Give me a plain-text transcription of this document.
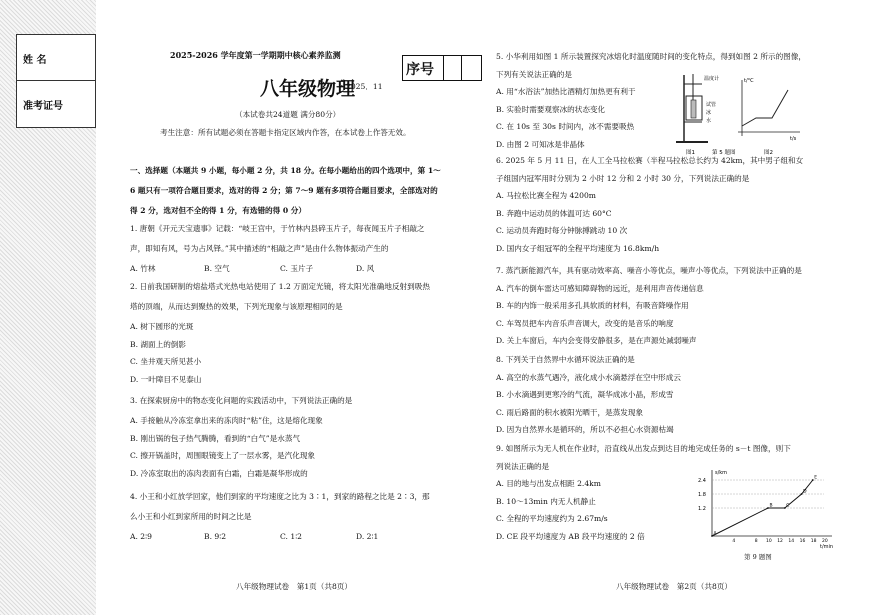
姓 名
准考证号
2025-2026 学年度第一学期期中核心素养监测
八年级物理
2025．11
序号
（本试卷共24道题 满分80分）
考生注意：所有试题必须在答题卡指定区域内作答，在本试卷上作答无效。
一、选择题（本题共 9 小题，每小题 2 分，共 18 分。在每小题给出的四个选项中，第 1～
6 题只有一项符合题目要求，选对的得 2 分；第 7～9 题有多项符合题目要求，全部选对的
得 2 分，选对但不全的得 1 分，有选错的得 0 分）
1. 唐朝《开元天宝遗事》记载：“岐王宫中，于竹林内县碎玉片子，每夜闻玉片子相敲之
声，即知有风，号为占风铎。”其中描述的“相敲之声”是由什么物体振动产生的
A. 竹林	B. 空气	C. 玉片子	D. 风
2. 日前我国研制的熔盐塔式光热电站使用了 1.2 万面定光镜，将太阳光准确地反射到吸热
塔的顶端，从而达到聚热的效果，下列光现象与该原理相同的是
A. 树下圆形的光斑
B. 湖面上的倒影
C. 坐井观天所见甚小
D. 一叶障目不见泰山
3. 在探索厨房中的物态变化问题的实践活动中，下列说法正确的是
A. 手接触从冷冻室拿出来的冻肉时“粘”住，这是熔化现象
B. 刚出锅的包子热气腾腾，看到的“白气”是水蒸气
C. 擦开锅盖时，周围眼镜变上了一层水雾，是汽化现象
D. 冷冻室取出的冻肉表面有白霜，白霜是凝华形成的
4. 小王和小红放学回家，他们到家的平均速度之比为 3∶1，到家的路程之比是 2∶3，那
么小王和小红到家所用的时间之比是
A. 2∶9	B. 9∶2	C. 1∶2	D. 2∶1
5. 小华利用如图 1 所示装置探究冰熔化时温度随时间的变化特点，得到如图 2 所示的图像，
下列有关说法正确的是
A. 用“水浴法”加热比酒精灯加热更有利于
B. 实验时需要观察冰的状态变化
C. 在 10s 至 30s 时间内，冰不需要吸热
D. 由图 2 可知冰是非晶体
6. 2025 年 5 月 11 日，在人工全马拉松赛（半程马拉松总长约为 42km，其中男子组和女
子组国内冠军用时分别为 2 小时 12 分和 2 小时 30 分，下列说法正确的是
A. 马拉松比赛全程为 4200m
B. 奔跑中运动员的体温可达 60°C
C. 运动员奔跑时每分钟脉搏跳动 10 次
D. 国内女子组冠军的全程平均速度为 16.8km/h
7. 蒸汽新能源汽车，具有驱动效率高、噪音小等优点，噪声小等优点，下列说法中正确的是
A. 汽车的倒车雷达可感知障碍物的远近，是利用声音传递信息
B. 车的内饰一般采用多孔具软质的材料，有吸音降噪作用
C. 车驾员把车内音乐声音调大，改变的是音乐的响度
D. 关上车窗后，车内会变得安静很多，是在声源处减弱噪声
8. 下列关于自然界中水循环说法正确的是
A. 高空的水蒸气遇冷，液化成小水滴悬浮在空中形成云
B. 小水滴遇到更寒冷的气流，凝华成冰小晶，形成雪
C. 雨后路面的积水被阳光晒干，是蒸发现象
D. 因为自然界水是循环的，所以不必担心水资源枯竭
9. 如图所示为无人机在作业时，沿直线从出发点到达目的地完成任务的 s－t 图像，则下
列说法正确的是
A. 目的地与出发点相距 2.4km
B. 10～13min 内无人机静止
C. 全程的平均速度约为 2.67m/s
D. CE 段平均速度为 AB 段平均速度的 2 倍
温度计
试管
冰
水
图1
t/°C
t/s
图2
第 5 题图
s/km
t/min
2.4
1.8
1.2
4	8 10 12 14 16 18 20
A
B	C
D
E
第 9 题图
八年级物理试卷　第1页（共8页）	八年级物理试卷　第2页（共8页）
